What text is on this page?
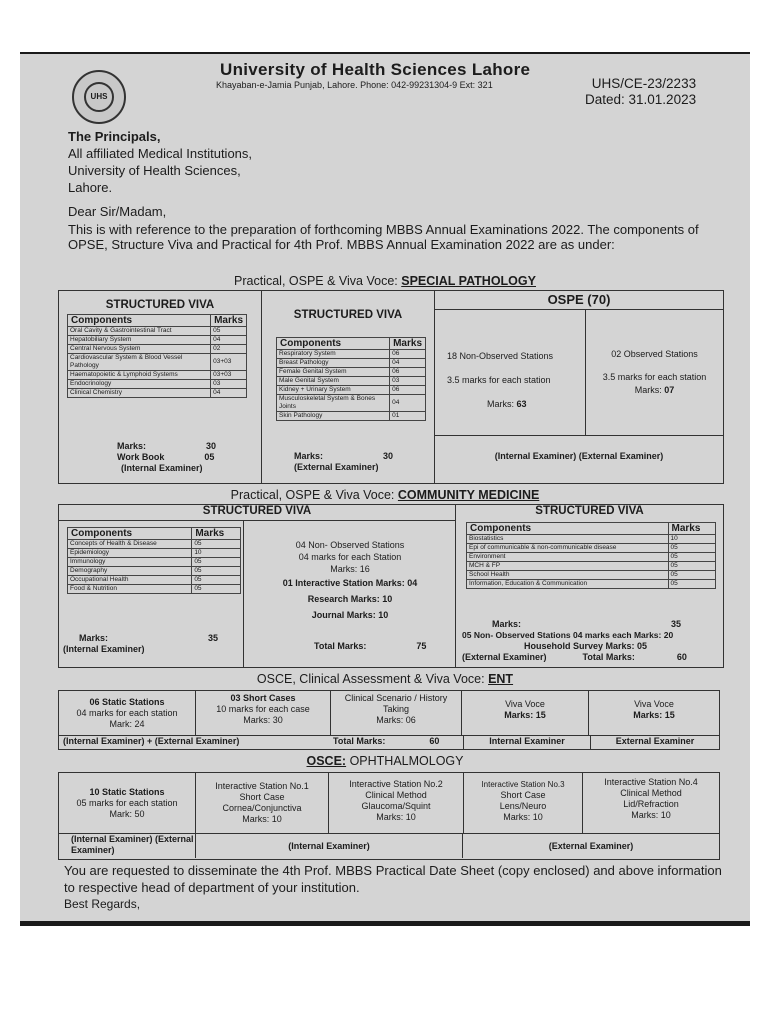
UHS
University of Health Sciences Lahore
Khayaban-e-Jamia Punjab, Lahore. Phone: 042-99231304-9 Ext: 321	UHS/CE-23/2233
Dated: 31.01.2023
The Principals,
All affiliated Medical Institutions,
University of Health Sciences,
Lahore.
Dear Sir/Madam,
This is with reference to the preparation of forthcoming MBBS Annual Examinations 2022. The components of OPSE, Structure Viva and Practical for 4th Prof. MBBS Annual Examination 2022 are as under:
Practical, OSPE & Viva Voce: SPECIAL PATHOLOGY
STRUCTURED VIVA
Components	Marks
Oral Cavity & Gastrointestinal Tract	05
Hepatobiliary System	04
Central Nervous System	02
Cardiovascular System & Blood Vessel Pathology	03+03
Haematopoietic & Lymphoid Systems	03+03
Endocrinology	03
Clinical Chemistry	04
Marks:	30
Work Book	05
(Internal Examiner)
STRUCTURED VIVA
Components	Marks
Respiratory System	06
Breast Pathology	04
Female Genital System	06
Male Genital System	03
Kidney + Urinary System	06
Musculoskeletal System & Bones Joints	04
Skin Pathology	01
Marks:	30
(External Examiner)
OSPE (70)
18 Non-Observed Stations
3.5 marks for each station
Marks: 63
02 Observed Stations
3.5 marks for each station
Marks: 07
(Internal Examiner) (External Examiner)
Practical, OSPE & Viva Voce: COMMUNITY MEDICINE
STRUCTURED VIVA
Components	Marks
Concepts of Health & Disease	05
Epidemiology	10
Immunology	05
Demography	05
Occupational Health	05
Food & Nutrition	05
Marks:	35
(Internal Examiner)
04 Non- Observed Stations
04 marks for each Station
Marks: 16
01 Interactive Station Marks: 04
Research Marks: 10
Journal Marks: 10
Total Marks:	75
STRUCTURED VIVA
Components	Marks
Biostatistics	10
Epi of communicable & non-communicable disease	05
Environment	05
MCH & FP	05
School Health	05
Information, Education & Communication	05
Marks:	35
05 Non- Observed Stations 04 marks each Marks: 20
Household Survey Marks: 05
(External Examiner)	Total Marks:	60
OSCE, Clinical Assessment & Viva Voce: ENT
06 Static Stations
04 marks for each station
Mark: 24
03 Short Cases
10 marks for each case
Marks: 30
Clinical Scenario / History Taking
Marks: 06
Viva Voce
Marks: 15
Viva Voce
Marks: 15
(Internal Examiner) + (External Examiner)	Total Marks:	60	Internal Examiner	External Examiner
OSCE: OPHTHALMOLOGY
10 Static Stations
05 marks for each station
Mark: 50
Interactive Station No.1
Short Case
Cornea/Conjunctiva
Marks: 10
Interactive Station No.2
Clinical Method
Glaucoma/Squint
Marks: 10
Interactive Station No.3
Short Case
Lens/Neuro
Marks: 10
Interactive Station No.4
Clinical Method
Lid/Refraction
Marks: 10
(Internal Examiner) (External Examiner)	(Internal Examiner)	(External Examiner)
You are requested to disseminate the 4th Prof. MBBS Practical Date Sheet (copy enclosed) and above information to respective head of department of your institution.
Best Regards,
